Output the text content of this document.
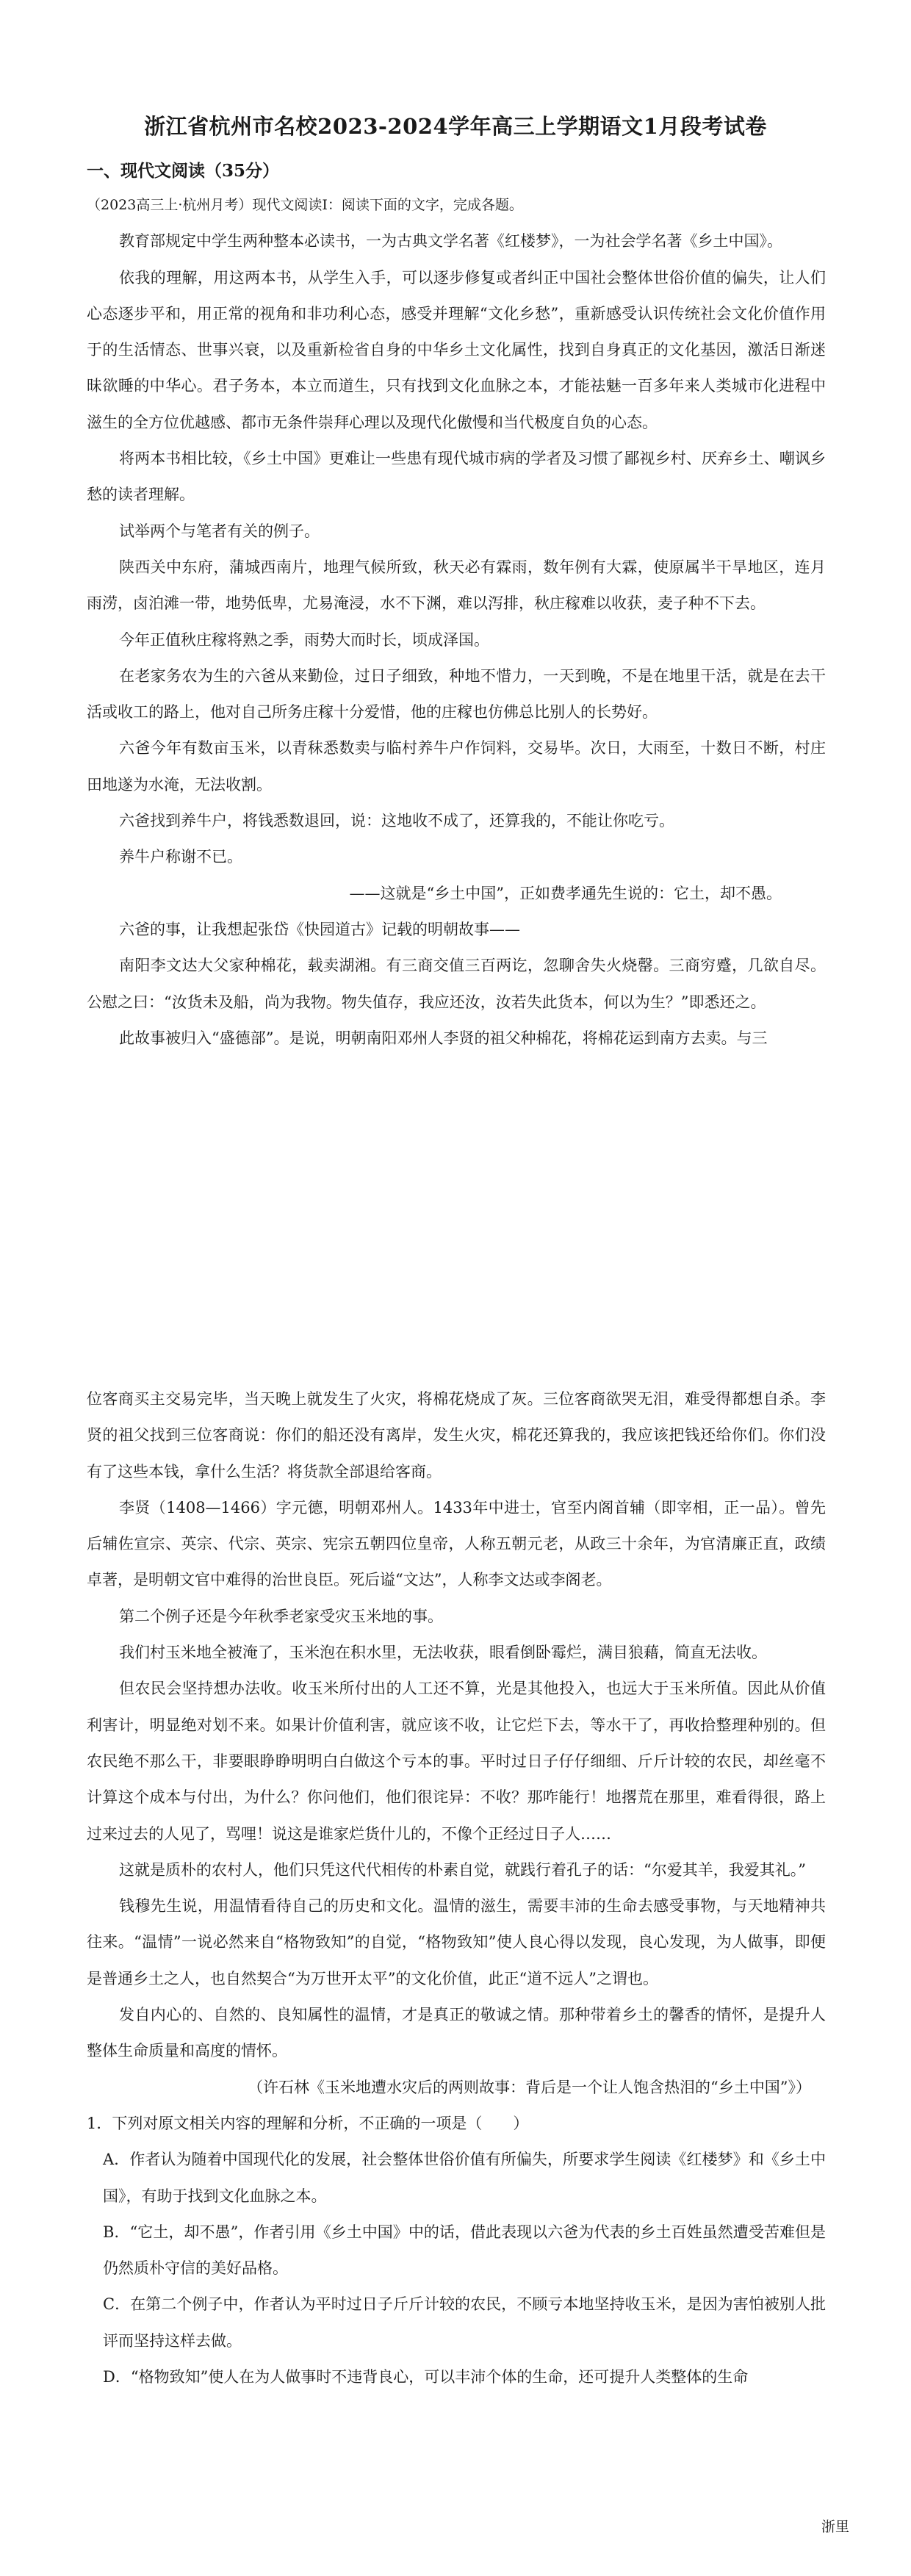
浙江省杭州市名校2023-2024学年高三上学期语文1月段考试卷
一、现代文阅读（35分）

（2023高三上·杭州月考）现代文阅读Ⅰ：阅读下面的文字，完成各题。

教育部规定中学生两种整本必读书，一为古典文学名著《红楼梦》，一为社会学名著《乡土中国》。

依我的理解，用这两本书，从学生入手，可以逐步修复或者纠正中国社会整体世俗价值的偏失，让人们心态逐步平和，用正常的视角和非功利心态，感受并理解“文化乡愁”，重新感受认识传统社会文化价值作用于的生活情态、世事兴衰，以及重新检省自身的中华乡土文化属性，找到自身真正的文化基因，激活日渐迷昧欲睡的中华心。君子务本，本立而道生，只有找到文化血脉之本，才能祛魅一百多年来人类城市化进程中滋生的全方位优越感、都市无条件崇拜心理以及现代化傲慢和当代极度自负的心态。

将两本书相比较，《乡土中国》更难让一些患有现代城市病的学者及习惯了鄙视乡村、厌弃乡土、嘲讽乡愁的读者理解。

试举两个与笔者有关的例子。

陕西关中东府，蒲城西南片，地理气候所致，秋天必有霖雨，数年例有大霖，使原属半干旱地区，连月雨涝，卤泊滩一带，地势低卑，尤易淹浸，水不下渊，难以泻排，秋庄稼难以收获，麦子种不下去。

今年正值秋庄稼将熟之季，雨势大而时长，顷成泽国。

在老家务农为生的六爸从来勤俭，过日子细致，种地不惜力，一天到晚，不是在地里干活，就是在去干活或收工的路上，他对自己所务庄稼十分爱惜，他的庄稼也仿佛总比别人的长势好。

六爸今年有数亩玉米，以青秣悉数卖与临村养牛户作饲料，交易毕。次日，大雨至，十数日不断，村庄田地遂为水淹，无法收割。

六爸找到养牛户，将钱悉数退回，说：这地收不成了，还算我的，不能让你吃亏。

养牛户称谢不已。

——这就是“乡土中国”，正如费孝通先生说的：它土，却不愚。

六爸的事，让我想起张岱《快园道古》记载的明朝故事——

南阳李文达大父家种棉花，载卖湖湘。有三商交值三百两讫，忽聊舍失火烧罄。三商穷蹙，几欲自尽。公慰之曰：“汝货未及船，尚为我物。物失值存，我应还汝，汝若失此货本，何以为生？”即悉还之。

此故事被归入“盛德部”。是说，明朝南阳邓州人李贤的祖父种棉花，将棉花运到南方去卖。与三

位客商买主交易完毕，当天晚上就发生了火灾，将棉花烧成了灰。三位客商欲哭无泪，难受得都想自杀。李贤的祖父找到三位客商说：你们的船还没有离岸，发生火灾，棉花还算我的，我应该把钱还给你们。你们没有了这些本钱，拿什么生活？将货款全部退给客商。

李贤（1408—1466）字元德，明朝邓州人。1433年中进士，官至内阁首辅（即宰相，正一品）。曾先后辅佐宣宗、英宗、代宗、英宗、宪宗五朝四位皇帝，人称五朝元老，从政三十余年，为官清廉正直，政绩卓著，是明朝文官中难得的治世良臣。死后谥“文达”，人称李文达或李阁老。

第二个例子还是今年秋季老家受灾玉米地的事。

我们村玉米地全被淹了，玉米泡在积水里，无法收获，眼看倒卧霉烂，满目狼藉，简直无法收。

但农民会坚持想办法收。收玉米所付出的人工还不算，光是其他投入，也远大于玉米所值。因此从价值利害计，明显绝对划不来。如果计价值利害，就应该不收，让它烂下去，等水干了，再收拾整理种别的。但农民绝不那么干，非要眼睁睁明明白白做这个亏本的事。平时过日子仔仔细细、斤斤计较的农民，却丝毫不计算这个成本与付出，为什么？你问他们，他们很诧异：不收？那咋能行！地撂荒在那里，难看得很，路上过来过去的人见了，骂哩！说这是谁家烂货什儿的，不像个正经过日子人……

这就是质朴的农村人，他们只凭这代代相传的朴素自觉，就践行着孔子的话：“尔爱其羊，我爱其礼。”

钱穆先生说，用温情看待自己的历史和文化。温情的滋生，需要丰沛的生命去感受事物，与天地精神共往来。“温情”一说必然来自“格物致知”的自觉，“格物致知”使人良心得以发现，良心发现，为人做事，即便是普通乡土之人，也自然契合“为万世开太平”的文化价值，此正“道不远人”之谓也。

发自内心的、自然的、良知属性的温情，才是真正的敬诚之情。那种带着乡土的馨香的情怀，是提升人整体生命质量和高度的情怀。

（许石林《玉米地遭水灾后的两则故事：背后是一个让人饱含热泪的“乡土中国”》）

1．下列对原文相关内容的理解和分析，不正确的一项是（　　）

A．作者认为随着中国现代化的发展，社会整体世俗价值有所偏失，所要求学生阅读《红楼梦》和《乡土中国》，有助于找到文化血脉之本。

B．“它土，却不愚”，作者引用《乡土中国》中的话，借此表现以六爸为代表的乡土百姓虽然遭受苦难但是仍然质朴守信的美好品格。

C．在第二个例子中，作者认为平时过日子斤斤计较的农民，不顾亏本地坚持收玉米，是因为害怕被别人批评而坚持这样去做。

D．“格物致知”使人在为人做事时不违背良心，可以丰沛个体的生命，还可提升人类整体的生命

浙里
